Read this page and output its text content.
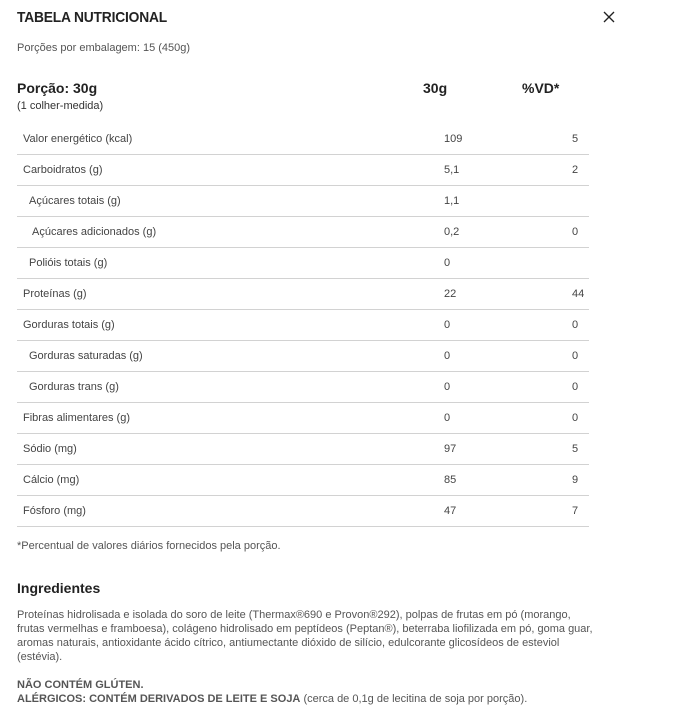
TABELA NUTRICIONAL
Porções por embalagem: 15 (450g)
Porção: 30g	30g	%VD*
(1 colher-medida)
Valor energético (kcal)	109	5
Carboidratos (g)	5,1	2
Açúcares totais (g)	1,1	
Açúcares adicionados (g)	0,2	0
Polióis totais (g)	0	
Proteínas (g)	22	44
Gorduras totais (g)	0	0
Gorduras saturadas (g)	0	0
Gorduras trans (g)	0	0
Fibras alimentares (g)	0	0
Sódio (mg)	97	5
Cálcio (mg)	85	9
Fósforo (mg)	47	7
*Percentual de valores diários fornecidos pela porção.
Ingredientes
Proteínas hidrolisada e isolada do soro de leite (Thermax®690 e Provon®292), polpas de frutas em pó (morango, frutas vermelhas e framboesa), colágeno hidrolisado em peptídeos (Peptan®), beterraba liofilizada em pó, goma guar, aromas naturais, antioxidante ácido cítrico, antiumectante dióxido de silício, edulcorante glicosídeos de esteviol (estévia).
NÃO CONTÉM GLÚTEN.
ALÉRGICOS: CONTÉM DERIVADOS DE LEITE E SOJA (cerca de 0,1g de lecitina de soja por porção).
